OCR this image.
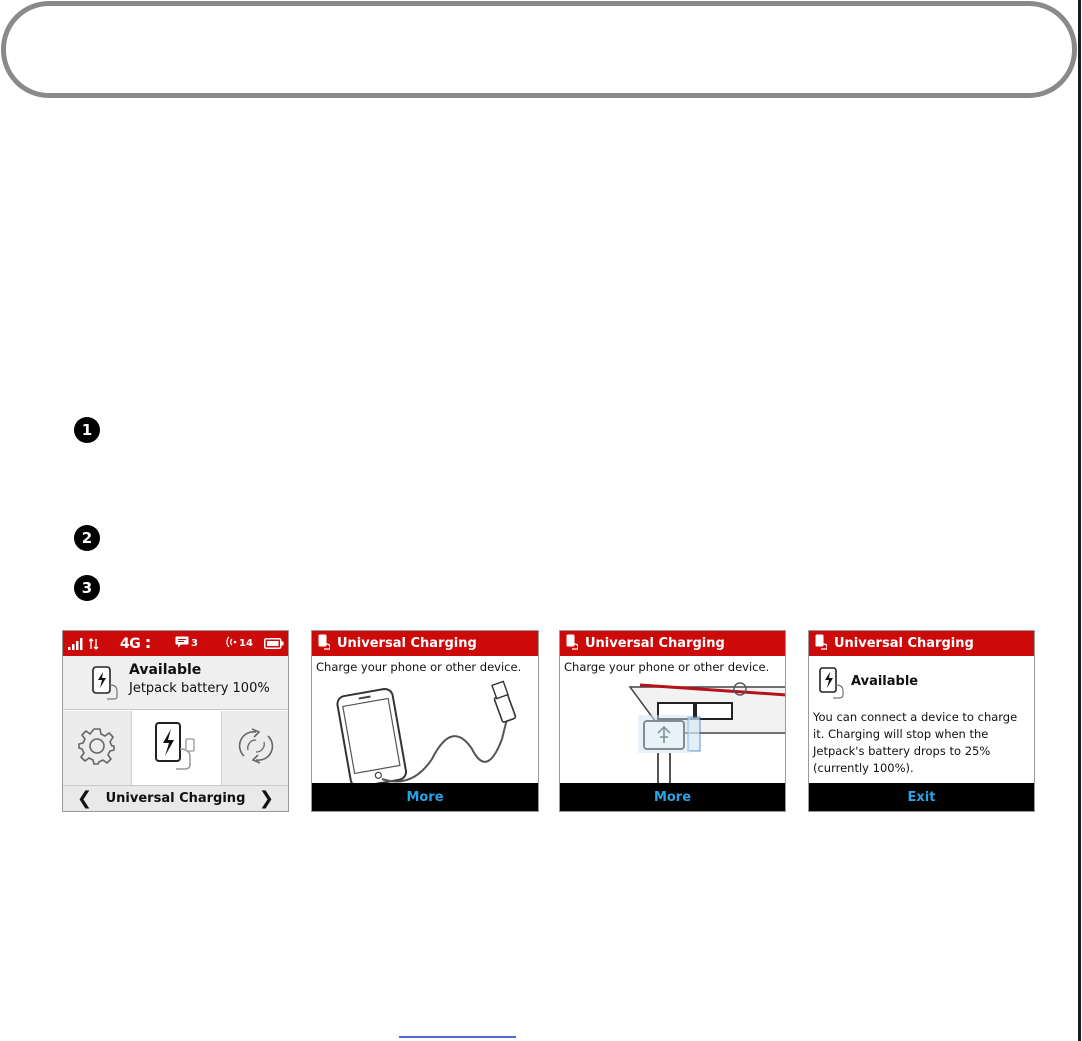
1
2
3
4G ▪
▪	3	14
Available
Jetpack battery 100%
❮ Universal Charging ❯
Universal Charging
Charge your phone or other device.
More
Universal Charging
Charge your phone or other device.
More
Universal Charging
Available
You can connect a device to charge
it. Charging will stop when the
Jetpack's battery drops to 25%
(currently 100%).
Exit
